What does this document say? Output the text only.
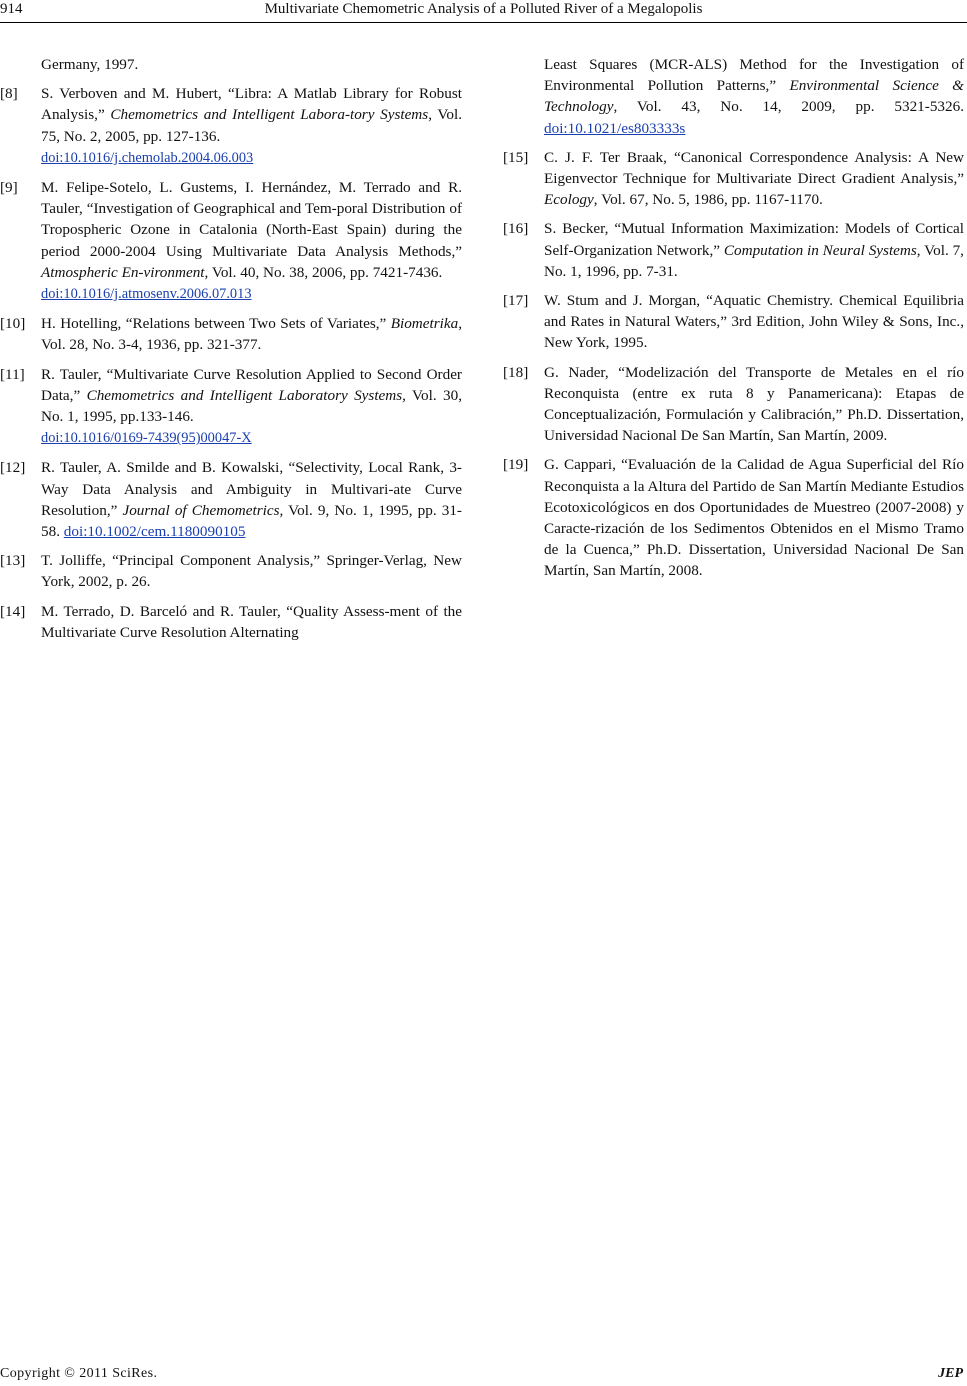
914	Multivariate Chemometric Analysis of a Polluted River of a Megalopolis
Germany, 1997.
[8]	S. Verboven and M. Hubert, “Libra: A Matlab Library for Robust Analysis,” Chemometrics and Intelligent Labora-tory Systems, Vol. 75, No. 2, 2005, pp. 127-136.
doi:10.1016/j.chemolab.2004.06.003
[9]	M. Felipe-Sotelo, L. Gustems, I. Hernández, M. Terrado and R. Tauler, “Investigation of Geographical and Tem-poral Distribution of Tropospheric Ozone in Catalonia (North-East Spain) during the period 2000-2004 Using Multivariate Data Analysis Methods,” Atmospheric En-vironment, Vol. 40, No. 38, 2006, pp. 7421-7436.
doi:10.1016/j.atmosenv.2006.07.013
[10]	H. Hotelling, “Relations between Two Sets of Variates,” Biometrika, Vol. 28, No. 3-4, 1936, pp. 321-377.
[11]	R. Tauler, “Multivariate Curve Resolution Applied to Second Order Data,” Chemometrics and Intelligent Laboratory Systems, Vol. 30, No. 1, 1995, pp.133-146.
doi:10.1016/0169-7439(95)00047-X
[12]	R. Tauler, A. Smilde and B. Kowalski, “Selectivity, Local Rank, 3-Way Data Analysis and Ambiguity in Multivari-ate Curve Resolution,” Journal of Chemometrics, Vol. 9, No. 1, 1995, pp. 31-58. doi:10.1002/cem.1180090105
[13]	T. Jolliffe, “Principal Component Analysis,” Springer-Verlag, New York, 2002, p. 26.
[14]	M. Terrado, D. Barceló and R. Tauler, “Quality Assess-ment of the Multivariate Curve Resolution Alternating
Least Squares (MCR-ALS) Method for the Investigation of Environmental Pollution Patterns,” Environmental Science & Technology, Vol. 43, No. 14, 2009, pp. 5321-5326. doi:10.1021/es803333s
[15]	C. J. F. Ter Braak, “Canonical Correspondence Analysis: A New Eigenvector Technique for Multivariate Direct Gradient Analysis,” Ecology, Vol. 67, No. 5, 1986, pp. 1167-1170.
[16]	S. Becker, “Mutual Information Maximization: Models of Cortical Self-Organization Network,” Computation in Neural Systems, Vol. 7, No. 1, 1996, pp. 7-31.
[17]	W. Stum and J. Morgan, “Aquatic Chemistry. Chemical Equilibria and Rates in Natural Waters,” 3rd Edition, John Wiley & Sons, Inc., New York, 1995.
[18]	G. Nader, “Modelización del Transporte de Metales en el río Reconquista (entre ex ruta 8 y Panamericana): Etapas de Conceptualización, Formulación y Calibración,” Ph.D. Dissertation, Universidad Nacional De San Martín, San Martín, 2009.
[19]	G. Cappari, “Evaluación de la Calidad de Agua Superficial del Río Reconquista a la Altura del Partido de San Martín Mediante Estudios Ecotoxicológicos en dos Oportunidades de Muestreo (2007-2008) y Caracte-rización de los Sedimentos Obtenidos en el Mismo Tramo de la Cuenca,” Ph.D. Dissertation, Universidad Nacional De San Martín, San Martín, 2008.
Copyright © 2011 SciRes.	JEP
